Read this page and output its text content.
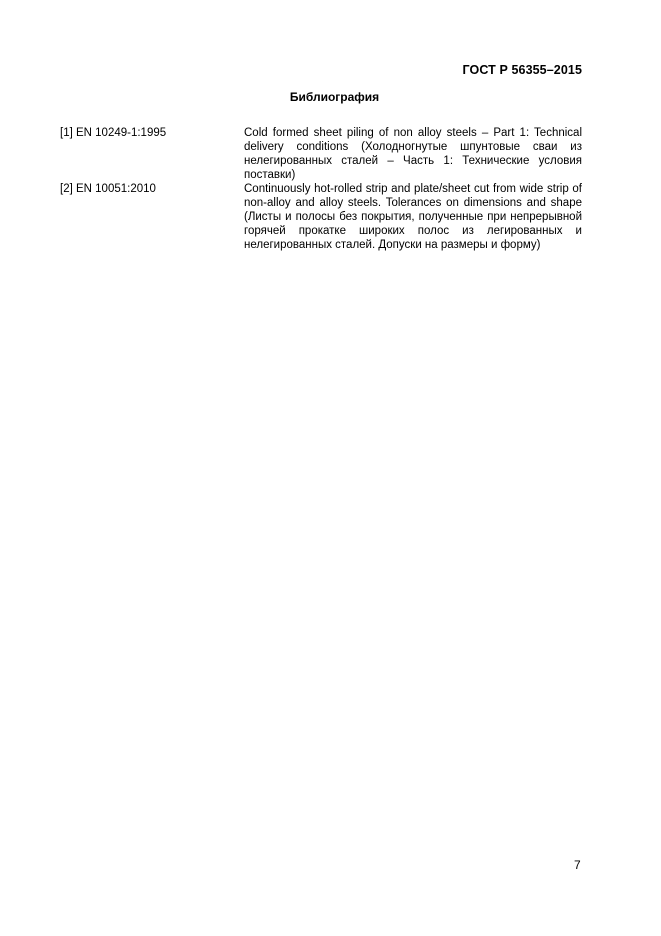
ГОСТ Р 56355–2015
Библиография
[1] EN 10249-1:1995	Cold formed sheet piling of non alloy steels – Part 1: Technical delivery conditions (Холодногнутые шпунтовые сваи из нелегированных сталей – Часть 1: Технические условия поставки)
[2] EN 10051:2010	Continuously hot-rolled strip and plate/sheet cut from wide strip of non-alloy and alloy steels. Tolerances on dimensions and shape (Листы и полосы без покрытия, полученные при непрерывной горячей прокатке широких полос из легированных и нелегированных сталей. Допуски на размеры и форму)
7
